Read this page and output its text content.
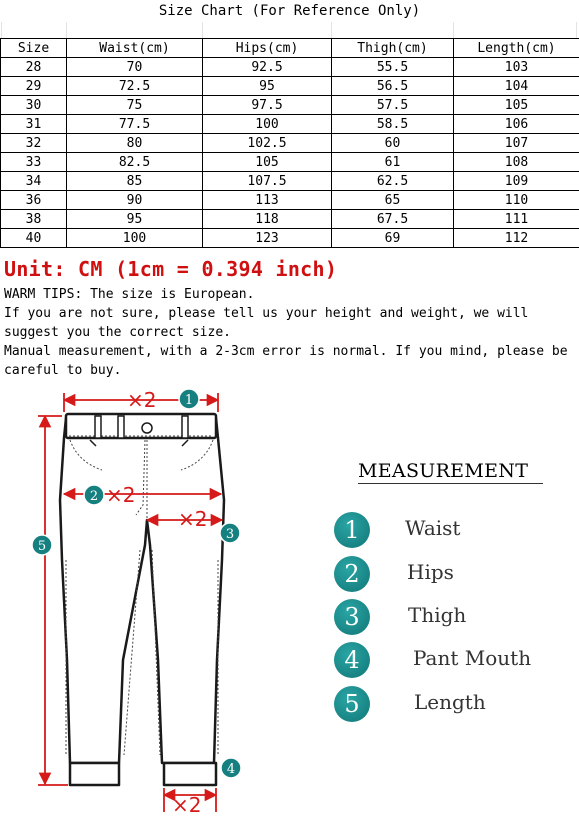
Size Chart (For Reference Only)
Size	Waist(cm)	Hips(cm)	Thigh(cm)	Length(cm)
28	70	92.5	55.5	103
29	72.5	95	56.5	104
30	75	97.5	57.5	105
31	77.5	100	58.5	106
32	80	102.5	60	107
33	82.5	105	61	108
34	85	107.5	62.5	109
36	90	113	65	110
38	95	118	67.5	111
40	100	123	69	112
Unit: CM (1cm = 0.394 inch)

WARM TIPS: The size is European.

If you are not sure, please tell us your height and weight, we will suggest you the correct size.

Manual measurement, with a 2-3cm error is normal. If you mind, please be careful to buy.

×2
×2
×2
×2
1
2
3
4
5
MEASUREMENT
1	Waist
2	Hips
3	Thigh
4	Pant Mouth
5	Length
